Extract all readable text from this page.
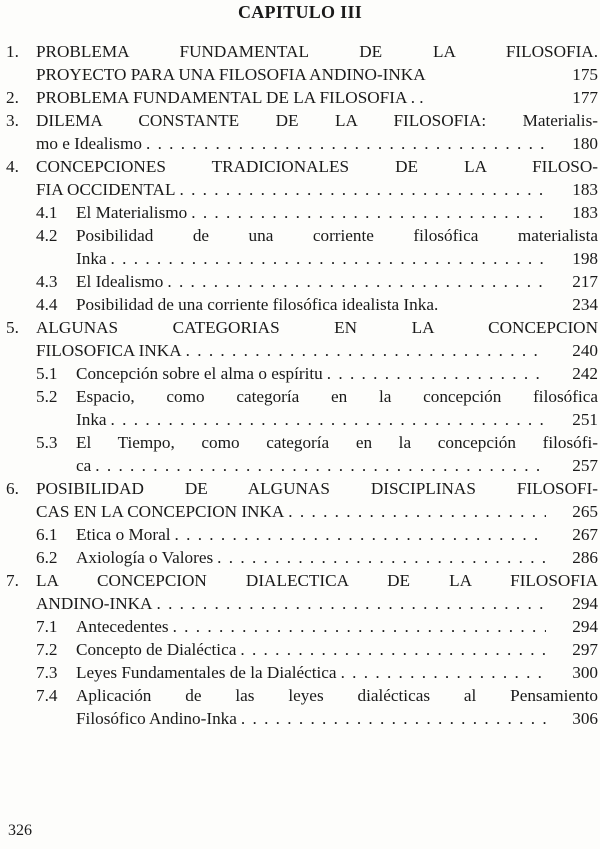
CAPITULO III
1. PROBLEMA FUNDAMENTAL DE LA FILOSOFIA.
PROYECTO PARA UNA FILOSOFIA ANDINO-INKA	175
2. PROBLEMA FUNDAMENTAL DE LA FILOSOFIA . .	177
3. DILEMA CONSTANTE DE LA FILOSOFIA: Materialis-
mo e Idealismo . . .	180
4. CONCEPCIONES TRADICIONALES DE LA FILOSO-
FIA OCCIDENTAL . . .	183
4.1 El Materialismo . . .	183
4.2 Posibilidad de una corriente filosófica materialista
Inka . . .	198
4.3 El Idealismo . . .	217
4.4 Posibilidad de una corriente filosófica idealista Inka.	234
5. ALGUNAS CATEGORIAS EN LA CONCEPCION
FILOSOFICA INKA . . .	240
5.1 Concepción sobre el alma o espíritu . . .	242
5.2 Espacio, como categoría en la concepción filosófica
Inka . . .	251
5.3 El Tiempo, como categoría en la concepción filosófi-
ca . . .	257
6. POSIBILIDAD DE ALGUNAS DISCIPLINAS FILOSOFI-
CAS EN LA CONCEPCION INKA . . .	265
6.1 Etica o Moral . . .	267
6.2 Axiología o Valores . . .	286
7. LA CONCEPCION DIALECTICA DE LA FILOSOFIA
ANDINO-INKA . . .	294
7.1 Antecedentes . . .	294
7.2 Concepto de Dialéctica . . .	297
7.3 Leyes Fundamentales de la Dialéctica . . .	300
7.4 Aplicación de las leyes dialécticas al Pensamiento
Filosófico Andino-Inka . . .	306
326
